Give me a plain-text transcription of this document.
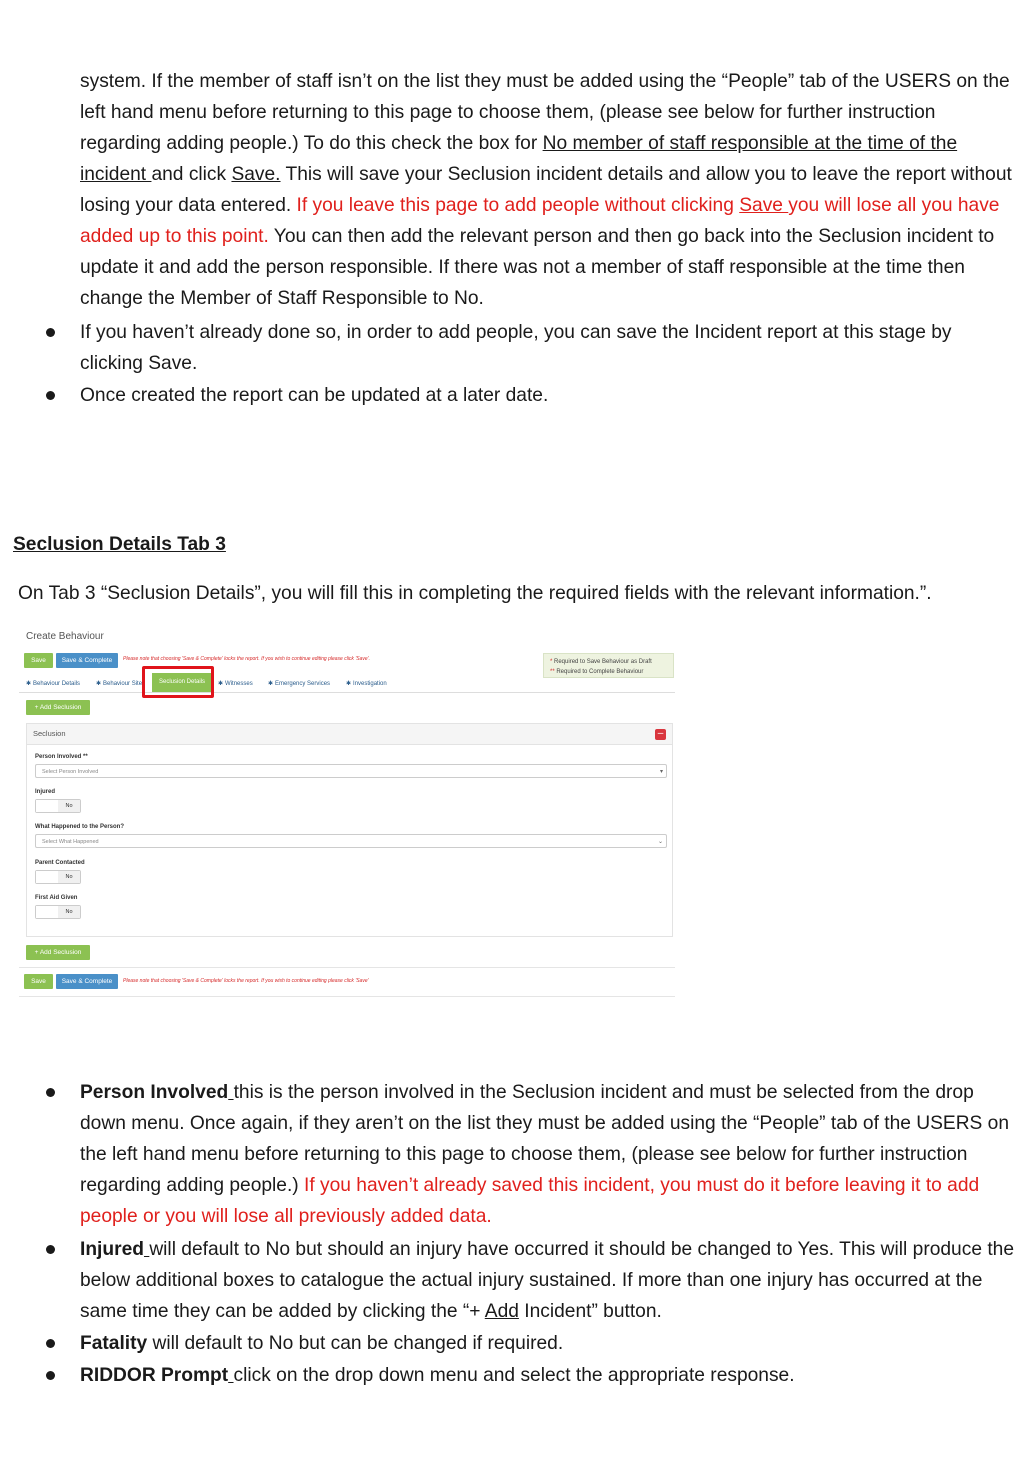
system. If the member of staff isn’t on the list they must be added using the “People” tab of the USERS on the left hand menu before returning to this page to choose them, (please see below for further instruction regarding adding people.) To do this check the box for No member of staff responsible at the time of the incident and click Save. This will save your Seclusion incident details and allow you to leave the report without losing your data entered. If you leave this page to add people without clicking Save you will lose all you have added up to this point. You can then add the relevant person and then go back into the Seclusion incident to update it and add the person responsible. If there was not a member of staff responsible at the time then change the Member of Staff Responsible to No.
If you haven’t already done so, in order to add people, you can save the Incident report at this stage by clicking Save.
Once created the report can be updated at a later date.
Seclusion Details Tab 3
On Tab 3 “Seclusion Details”, you will fill this in completing the required fields with the relevant information.”.
Create Behaviour
Save	Save & Complete	Please note that choosing 'Save & Complete' locks the report. If you wish to continue editing please click 'Save'.	* Required to Save Behaviour as Draft
** Required to Complete Behaviour
✱ Behaviour Details	✱ Behaviour Site	✱ Witnesses	✱ Emergency Services	✱ Investigation
Seclusion Details
+ Add Seclusion
Seclusion	–
Person Involved **
Select Person Involved	▾
Injured
No
What Happened to the Person?
Select What Happened	⌄
Parent Contacted
No
First Aid Given
No
+ Add Seclusion
Save	Save & Complete	Please note that choosing 'Save & Complete' locks the report. If you wish to continue editing please click 'Save'
Person Involved this is the person involved in the Seclusion incident and must be selected from the drop down menu. Once again, if they aren’t on the list they must be added using the “People” tab of the USERS on the left hand menu before returning to this page to choose them, (please see below for further instruction regarding adding people.) If you haven’t already saved this incident, you must do it before leaving it to add people or you will lose all previously added data.
Injured will default to No but should an injury have occurred it should be changed to Yes. This will produce the below additional boxes to catalogue the actual injury sustained. If more than one injury has occurred at the same time they can be added by clicking the “+ Add Incident” button.
Fatality will default to No but can be changed if required.
RIDDOR Prompt click on the drop down menu and select the appropriate response.
